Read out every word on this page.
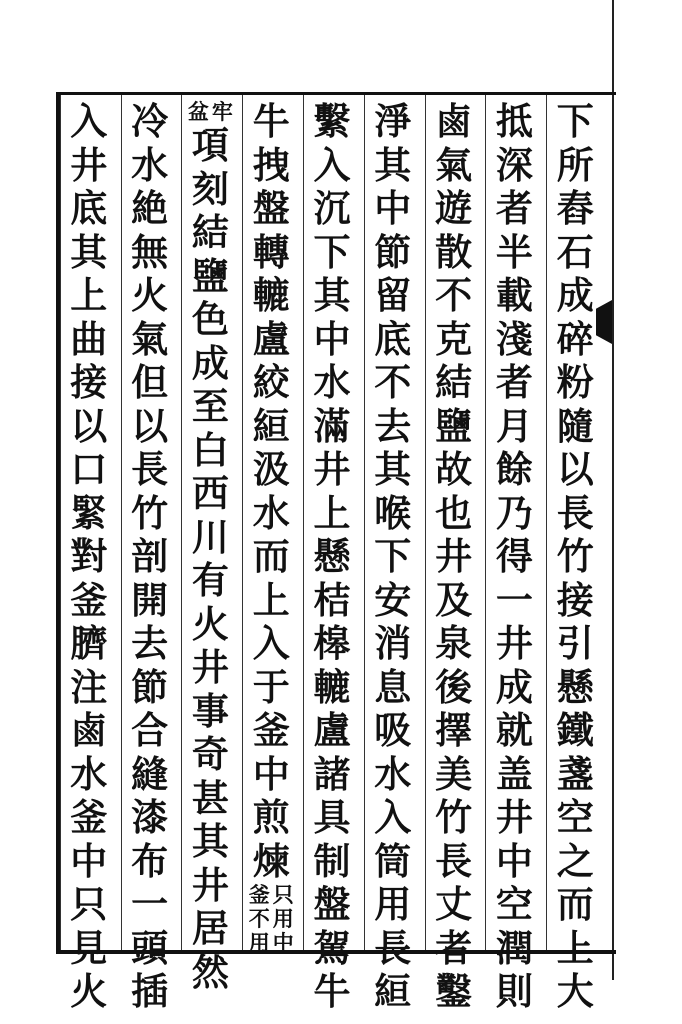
下
所
舂
石
成
碎
粉
隨
以
長
竹
接
引
懸
鐵
盞
空
之
而
上
大
抵
深
者
半
載
淺
者
月
餘
乃
得
一
井
成
就
盖
井
中
空
潤
則
鹵
氣
遊
散
不
克
結
鹽
故
也
井
及
泉
後
擇
美
竹
長
丈
者
鑿
淨
其
中
節
留
底
不
去
其
喉
下
安
消
息
吸
水
入
筒
用
長
絙
繫
入
沉
下
其
中
水
滿
井
上
懸
桔
槔
轆
盧
諸
具
制
盤
駕
牛
牛
拽
盤
轉
轆
盧
絞
絙
汲
水
而
上
入
于
釜
中
煎
煉
只
用
中
釜
不
用
牢
盆
項
刻
結
鹽
色
成
至
白
西
川
有
火
井
事
奇
甚
其
井
居
然
冷
水
絶
無
火
氣
但
以
長
竹
剖
開
去
節
合
縫
漆
布
一
頭
插
入
井
底
其
上
曲
接
以
口
緊
對
釜
臍
注
鹵
水
釜
中
只
見
火
